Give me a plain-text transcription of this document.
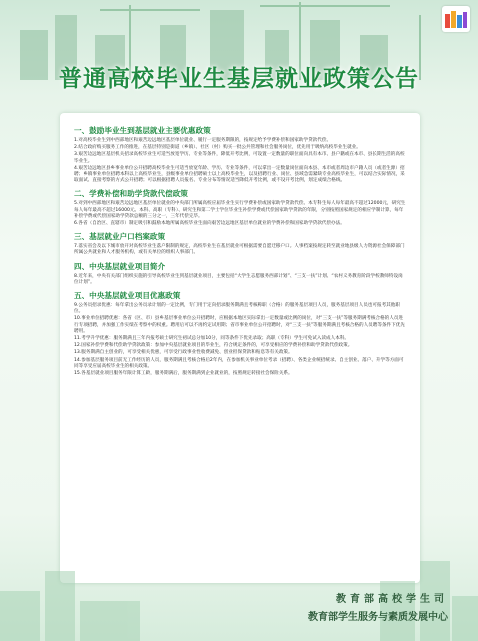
普通高校毕业生基层就业政策公告
一、鼓励毕业生到基层就业主要优惠政策
1.对高校毕业生到中西部地区和艰苦边远地区基层单位就业、履行一定服务期限的，按规定给予学费补偿和国家助学贷款代偿。
2.结合政府购买服务工作的推进，在基层特别是街道（乡镇）、社区（村）购买一批公共管理和社会服务岗位，优先用于吸纳高校毕业生就业。
3.艰苦边远地区基层机关招录高校毕业生可适当放宽学历、专业等条件，降低开考比例，可设置一定数量的职位面向具有本市、县户籍或在本市、县长期生活的高校毕业生。
4.艰苦边远地区县乡事业单位公开招聘高校毕业生可适当放宽年龄、学历、专业等条件，可以拿出一定数量岗位面向本县、本市或者周边市户籍人员（或者生源）招聘；乡镇事业单位招聘本科以上高校毕业生，县级事业单位招聘硕士以上高校毕业生，以及招聘行业、岗位、县域急需紧缺专业高校毕业生，可以结合实际情况，采取面试、直接考察的方式公开招聘；可以根据招聘人员报名、专业分布等情况适当降低开考比例，或不设开考比例，划定成绩合格线。
二、学费补偿和助学贷款代偿政策
5.对到中西部地区和艰苦边远地区基层单位就业的中央部门所属高校应届毕业生实行学费补偿或国家助学贷款代偿。本专科生每人每年最高不超过12000元，研究生每人每年最高不超过16000元。本科、高职（专科）、研究生和第二学士学位毕业生补偿学费或代偿国家助学贷款的年限，分别按照国家规定的相应学制计算，每年补偿学费或代偿国家助学贷款总额的三分之一，三年代偿完毕。
6.各省（自治区、直辖市）制定吸引和鼓励本地所属高校毕业生面向艰苦边远地区基层单位就业的学费补偿和国家助学贷款代偿办法。
三、基层就业户口档案政策
7.落实省会及以下城市放开对高校毕业生落户限制的规定，高校毕业生在基层就业可根据需要自愿迁移户口。人事档案按规定转至就业地县级人力资源社会保障部门所属公共就业和人才服务机构，或有关单位的组织人事部门。
四、中央基层就业项目简介
8.近年来，中央有关部门组织实施的引导高校毕业生到基层就业项目，主要包括“大学生志愿服务西部计划”、“三支一扶”计划、“农村义务教育阶段学校教师特设岗位计划”。
五、中央基层就业项目优惠政策
9.公务员招录优惠：每年拿出公务员录计划的一定比例，专门用于定向招录服务期满且考核称职（合格）的服务基层项目人员，服务基层项目人员也可报考其他职位。
10.事业单位招聘优惠：各省（区、市）县乡基层事业单位公开招聘时，应根据本地区实际拿出一定数量或比例的岗位，对“三支一扶”等服务期满考核合格的人员进行专项招聘，并加强工作实绩在考察中的权重。聘用后可以不再约定试用期；省市事业单位公开招聘时，对“三支一扶”等服务期满且考核合格的人员聘等条件下优先聘用。
11.考学升学优惠：服务期满且三年内报考硕士研究生初试总分加10分，同等条件下优先录取；高职（专科）学生可免试入读成人本科。
12.国家补偿学费和代偿助学贷款政策：参加中央基层就业项目的毕业生，符合规定条件的，可享受相应的学费补偿和助学贷款代偿政策。
13.服务期满自主创业的，可享受相关优惠，可享受行政事业性收费减免、创业担保贷款和贴息等有关政策。
14.参加基层服务项目前无工作经历的人员，服务期满且考核合格后2年内，在参加机关事业单位考录（招聘）、各类企业统招统录、自主创业、落户、升学等方面可同等享受应届高校毕业生的相关政策。
15.各基层就业项目服务年限计算工龄，服务期满后，服务期满到企业就业的，按照规定转接社会保险关系。
教育部高校学生司
教育部学生服务与素质发展中心
